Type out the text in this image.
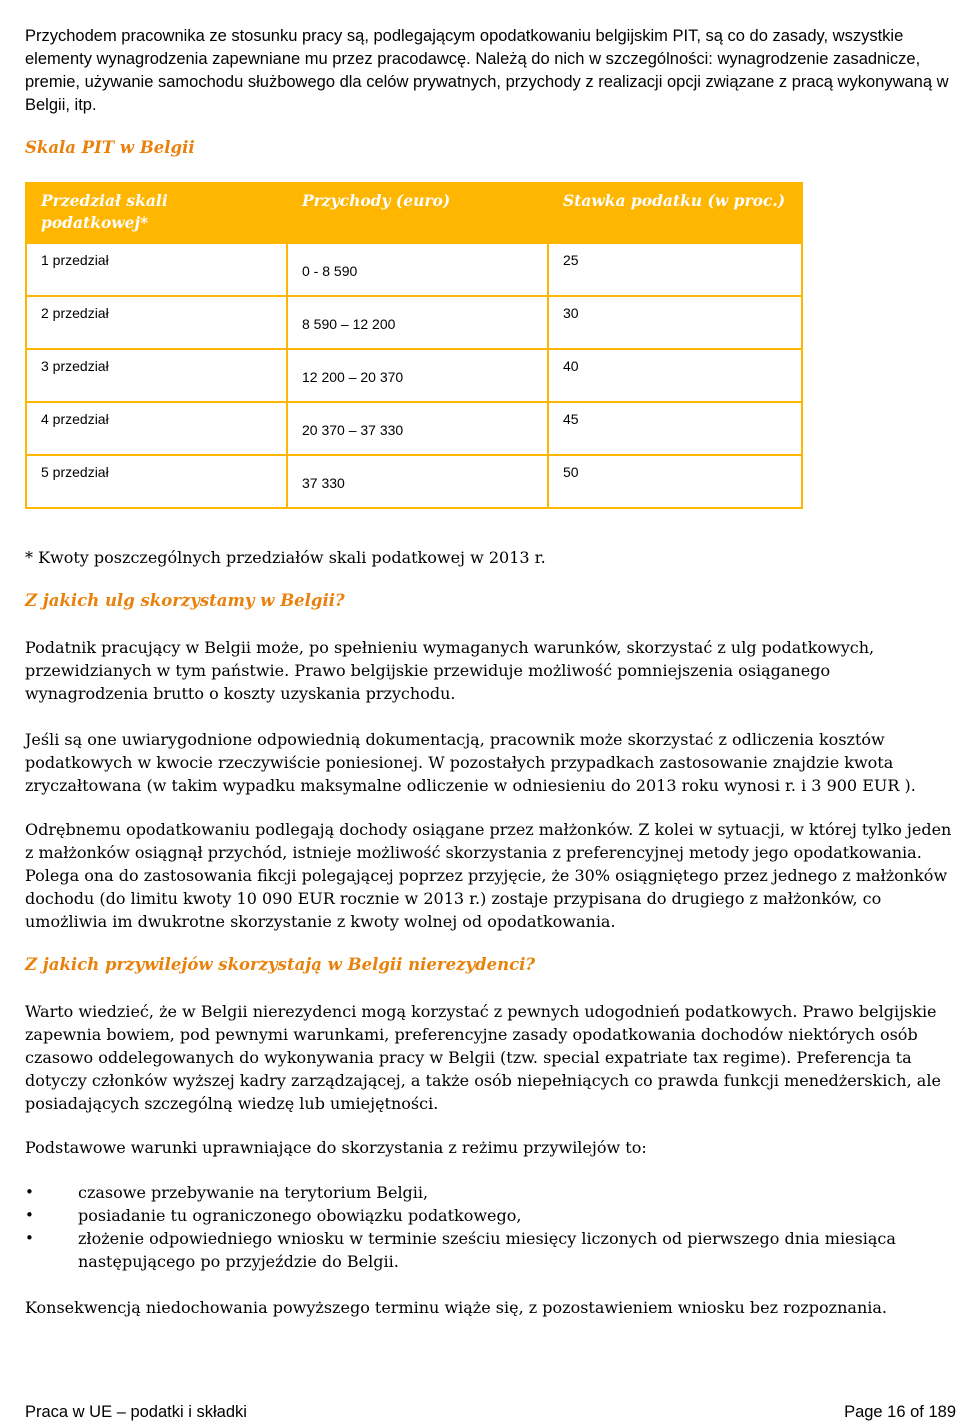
Przychodem pracownika ze stosunku pracy są, podlegającym opodatkowaniu belgijskim PIT, są co do zasady, wszystkie elementy wynagrodzenia zapewniane mu przez pracodawcę. Należą do nich w szczególności: wynagrodzenie zasadnicze, premie, używanie samochodu służbowego dla celów prywatnych, przychody z realizacji opcji związane z pracą wykonywaną w Belgii, itp.

Skala PIT w Belgii
Przedział skali podatkowej*	Przychody (euro)	Stawka podatku (w proc.)

1 przedział	0 - 8 590	25

2 przedział	8 590 – 12 200	30

3 przedział	12 200 – 20 370	40

4 przedział	20 370 – 37 330	45

5 przedział	37 330	50

* Kwoty poszczególnych przedziałów skali podatkowej w 2013 r.

Z jakich ulg skorzystamy w Belgii?

Podatnik pracujący w Belgii może, po spełnieniu wymaganych warunków, skorzystać z ulg podatkowych, przewidzianych w tym państwie. Prawo belgijskie przewiduje możliwość pomniejszenia osiąganego wynagrodzenia brutto o koszty uzyskania przychodu.

Jeśli są one uwiarygodnione odpowiednią dokumentacją, pracownik może skorzystać z odliczenia kosztów podatkowych w kwocie rzeczywiście poniesionej. W pozostałych przypadkach zastosowanie znajdzie kwota zryczałtowana (w takim wypadku maksymalne odliczenie w odniesieniu do 2013 roku wynosi r. i 3 900 EUR ).

Odrębnemu opodatkowaniu podlegają dochody osiągane przez małżonków. Z kolei w sytuacji, w której tylko jeden z małżonków osiągnął przychód, istnieje możliwość skorzystania z preferencyjnej metody jego opodatkowania. Polega ona do zastosowania fikcji polegającej poprzez przyjęcie, że 30% osiągniętego przez jednego z małżonków dochodu (do limitu kwoty 10 090 EUR rocznie w 2013 r.) zostaje przypisana do drugiego z małżonków, co umożliwia im dwukrotne skorzystanie z kwoty wolnej od opodatkowania.

Z jakich przywilejów skorzystają w Belgii nierezydenci?

Warto wiedzieć, że w Belgii nierezydenci mogą korzystać z pewnych udogodnień podatkowych. Prawo belgijskie zapewnia bowiem, pod pewnymi warunkami, preferencyjne zasady opodatkowania dochodów niektórych osób czasowo oddelegowanych do wykonywania pracy w Belgii (tzw. special expatriate tax regime). Preferencja ta dotyczy członków wyższej kadry zarządzającej, a także osób niepełniących co prawda funkcji menedżerskich, ale posiadających szczególną wiedzę lub umiejętności.

Podstawowe warunki uprawniające do skorzystania z reżimu przywilejów to:

• czasowe przebywanie na terytorium Belgii,
• posiadanie tu ograniczonego obowiązku podatkowego,
• złożenie odpowiedniego wniosku w terminie sześciu miesięcy liczonych od pierwszego dnia miesiąca następującego po przyjeździe do Belgii.

Konsekwencją niedochowania powyższego terminu wiąże się, z pozostawieniem wniosku bez rozpoznania.

Praca w UE – podatki i składki	Page 16 of 189
